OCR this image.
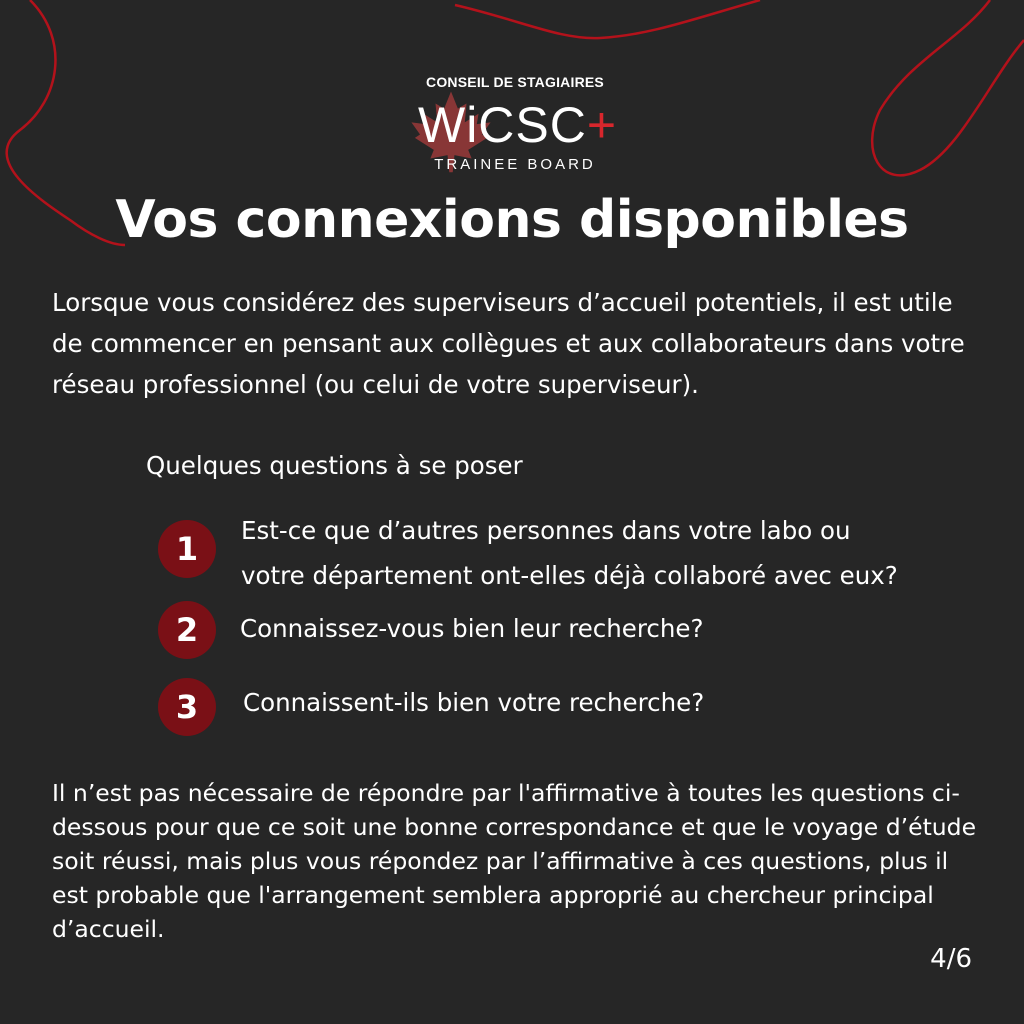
CONSEIL DE STAGIAIRES
WiCSC+
TRAINEE BOARD
Vos connexions disponibles

Lorsque vous considérez des superviseurs d’accueil potentiels, il est utile de commencer en pensant aux collègues et aux collaborateurs dans votre réseau professionnel (ou celui de votre superviseur).

Quelques questions à se poser

1	Est-ce que d’autres personnes dans votre labo ou
votre département ont-elles déjà collaboré avec eux?
2	Connaissez-vous bien leur recherche?
3	Connaissent-ils bien votre recherche?

Il n’est pas nécessaire de répondre par l'affirmative à toutes les questions ci-dessous pour que ce soit une bonne correspondance et que le voyage d’étude soit réussi, mais plus vous répondez par l’affirmative à ces questions, plus il est probable que l'arrangement semblera approprié au chercheur principal d’accueil.

4/6
